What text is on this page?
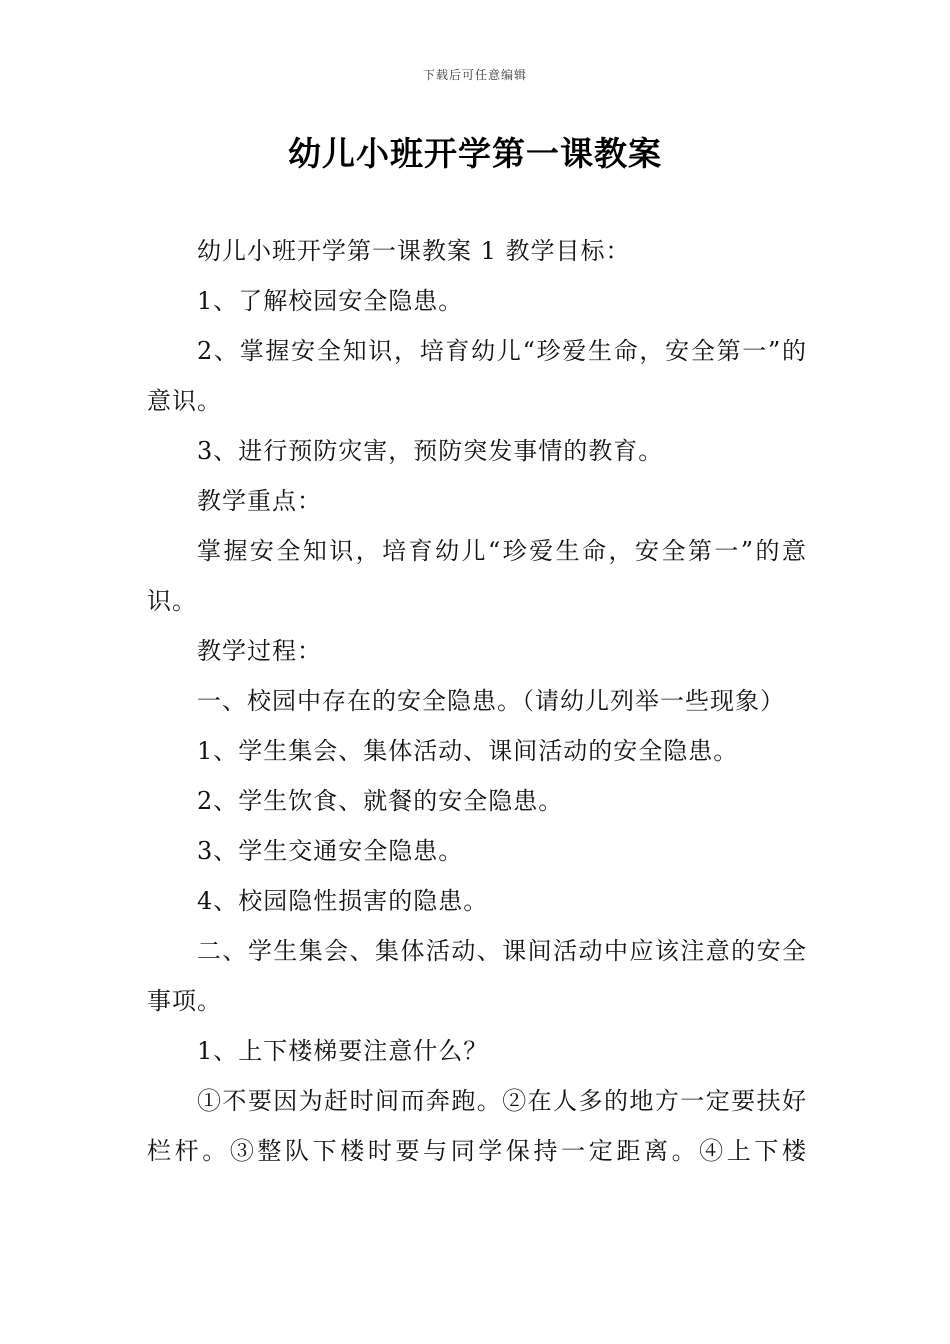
下载后可任意编辑
幼儿小班开学第一课教案

幼儿小班开学第一课教案 1 教学目标：

1、了解校园安全隐患。

2、掌握安全知识，培育幼儿“珍爱生命，安全第一”的意识。

3、进行预防灾害，预防突发事情的教育。

教学重点：

掌握安全知识，培育幼儿“珍爱生命，安全第一”的意识。

教学过程：

一、校园中存在的安全隐患。（请幼儿列举一些现象）

1、学生集会、集体活动、课间活动的安全隐患。

2、学生饮食、就餐的安全隐患。

3、学生交通安全隐患。

4、校园隐性损害的隐患。

二、学生集会、集体活动、课间活动中应该注意的安全事项。

1、上下楼梯要注意什么？

①不要因为赶时间而奔跑。②在人多的地方一定要扶好栏杆。③整队下楼时要与同学保持一定距离。④上下楼
